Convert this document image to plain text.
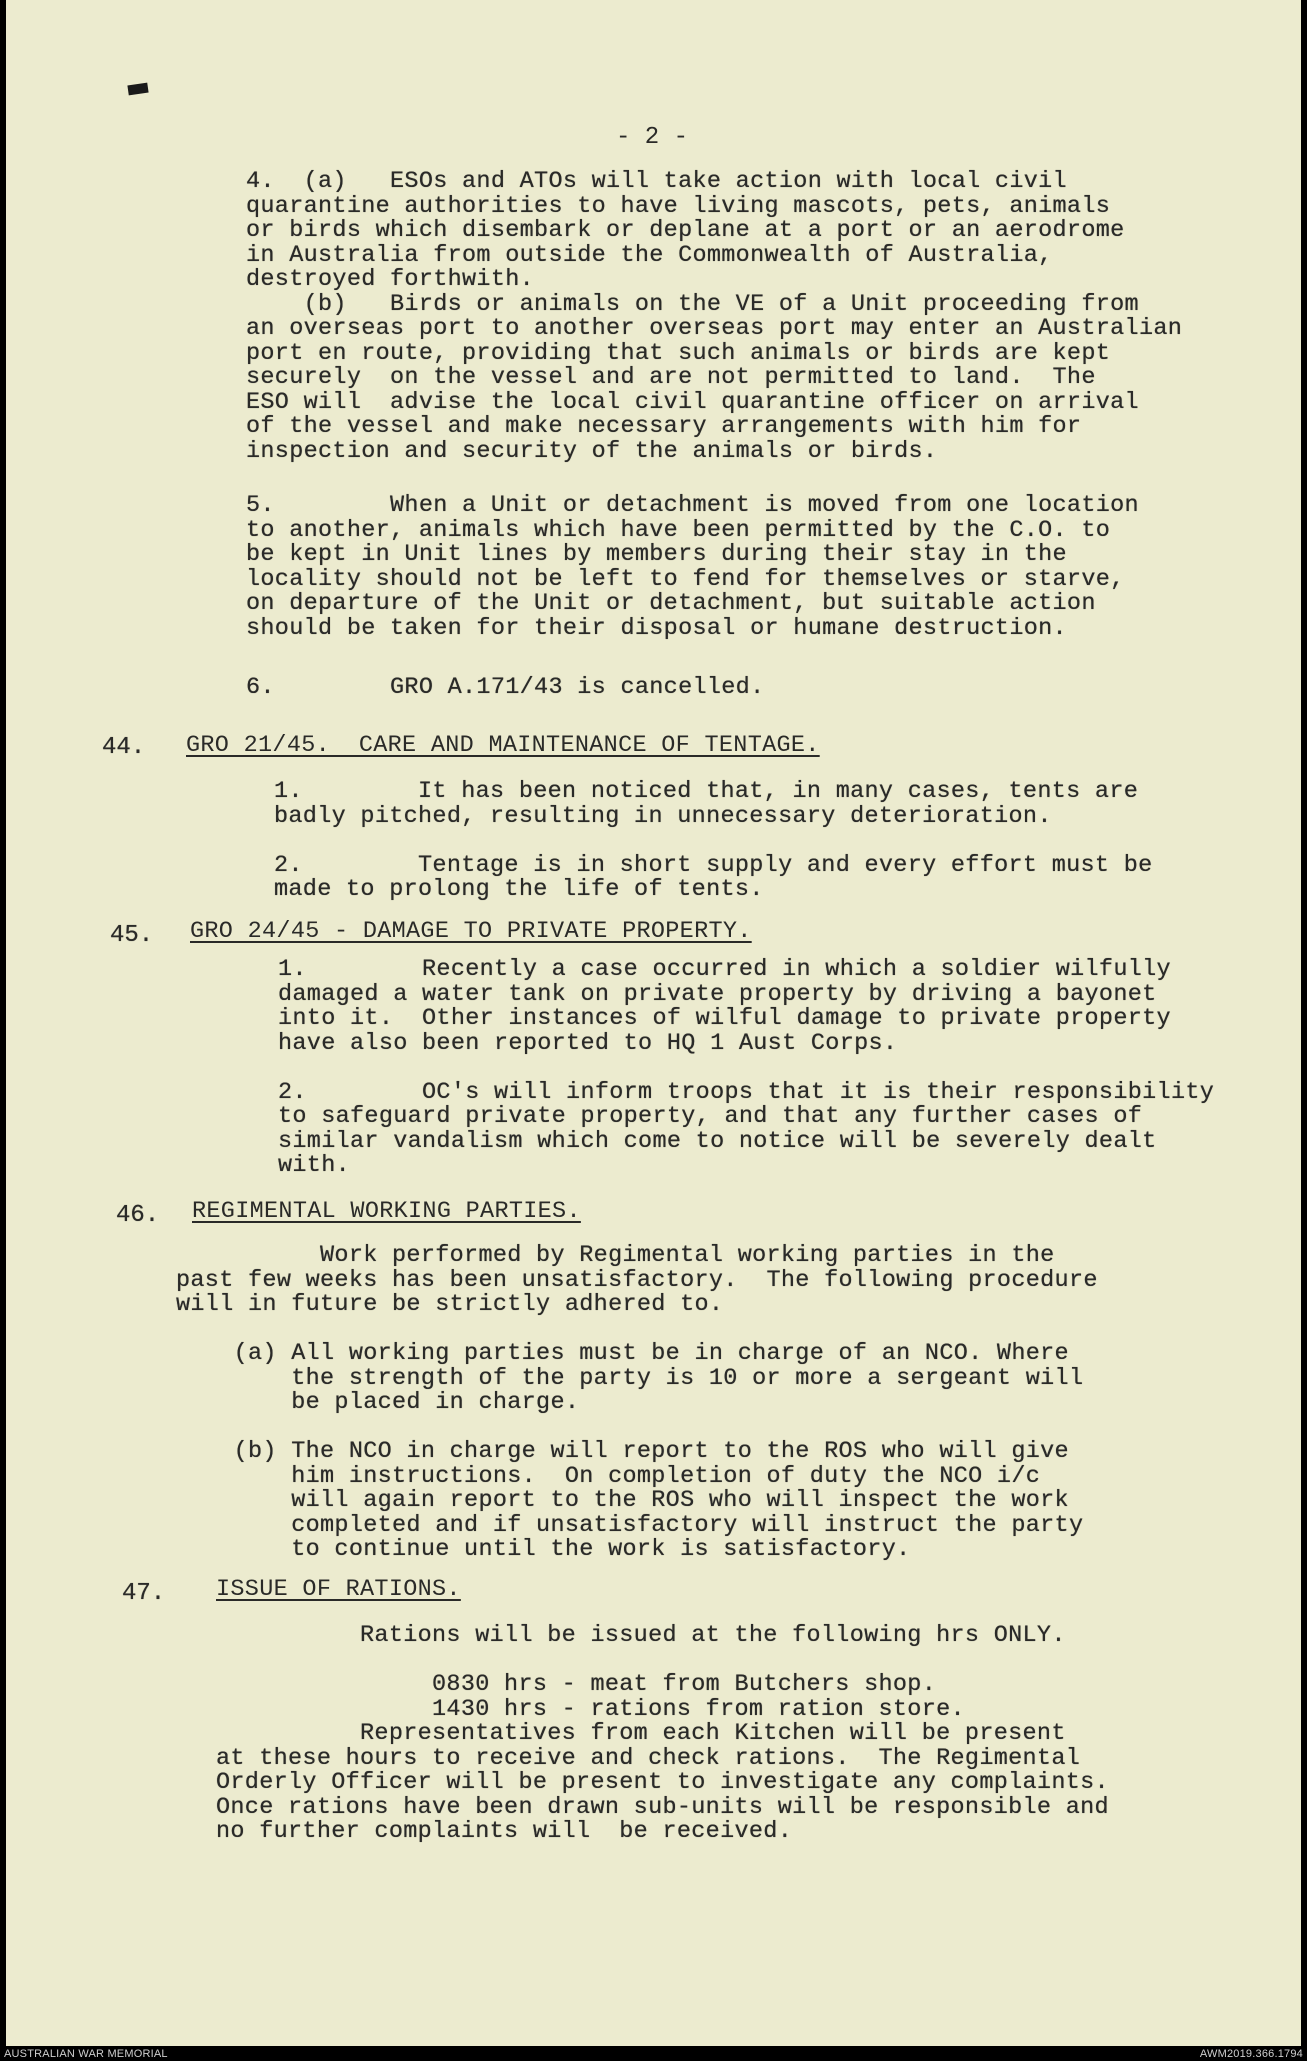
- 2 -
4.  (a)   ESOs and ATOs will take action with local civil
quarantine authorities to have living mascots, pets, animals
or birds which disembark or deplane at a port or an aerodrome
in Australia from outside the Commonwealth of Australia,
destroyed forthwith.
(b)   Birds or animals on the VE of a Unit proceeding from
an overseas port to another overseas port may enter an Australian
port en route, providing that such animals or birds are kept
securely  on the vessel and are not permitted to land.  The
ESO will  advise the local civil quarantine officer on arrival
of the vessel and make necessary arrangements with him for
inspection and security of the animals or birds.
5.        When a Unit or detachment is moved from one location
to another, animals which have been permitted by the C.O. to
be kept in Unit lines by members during their stay in the
locality should not be left to fend for themselves or starve,
on departure of the Unit or detachment, but suitable action
should be taken for their disposal or humane destruction.
6.        GRO A.171/43 is cancelled.
44. GRO 21/45.  CARE AND MAINTENANCE OF TENTAGE.
1.        It has been noticed that, in many cases, tents are
badly pitched, resulting in unnecessary deterioration.

2.        Tentage is in short supply and every effort must be
made to prolong the life of tents.
45. GRO 24/45 - DAMAGE TO PRIVATE PROPERTY.
1.        Recently a case occurred in which a soldier wilfully
damaged a water tank on private property by driving a bayonet
into it.  Other instances of wilful damage to private property
have also been reported to HQ 1 Aust Corps.

2.        OC's will inform troops that it is their responsibility
to safeguard private property, and that any further cases of
similar vandalism which come to notice will be severely dealt
with.
46. REGIMENTAL WORKING PARTIES.
Work performed by Regimental working parties in the
past few weeks has been unsatisfactory.  The following procedure
will in future be strictly adhered to.

(a) All working parties must be in charge of an NCO. Where
the strength of the party is 10 or more a sergeant will
be placed in charge.

(b) The NCO in charge will report to the ROS who will give
him instructions.  On completion of duty the NCO i/c
will again report to the ROS who will inspect the work
completed and if unsatisfactory will instruct the party
to continue until the work is satisfactory.
47. ISSUE OF RATIONS.
Rations will be issued at the following hrs ONLY.

0830 hrs - meat from Butchers shop.
1430 hrs - rations from ration store.
Representatives from each Kitchen will be present
at these hours to receive and check rations.  The Regimental
Orderly Officer will be present to investigate any complaints.
Once rations have been drawn sub-units will be responsible and
no further complaints will  be received.
AUSTRALIAN WAR MEMORIAL	AWM2019.366.1794
